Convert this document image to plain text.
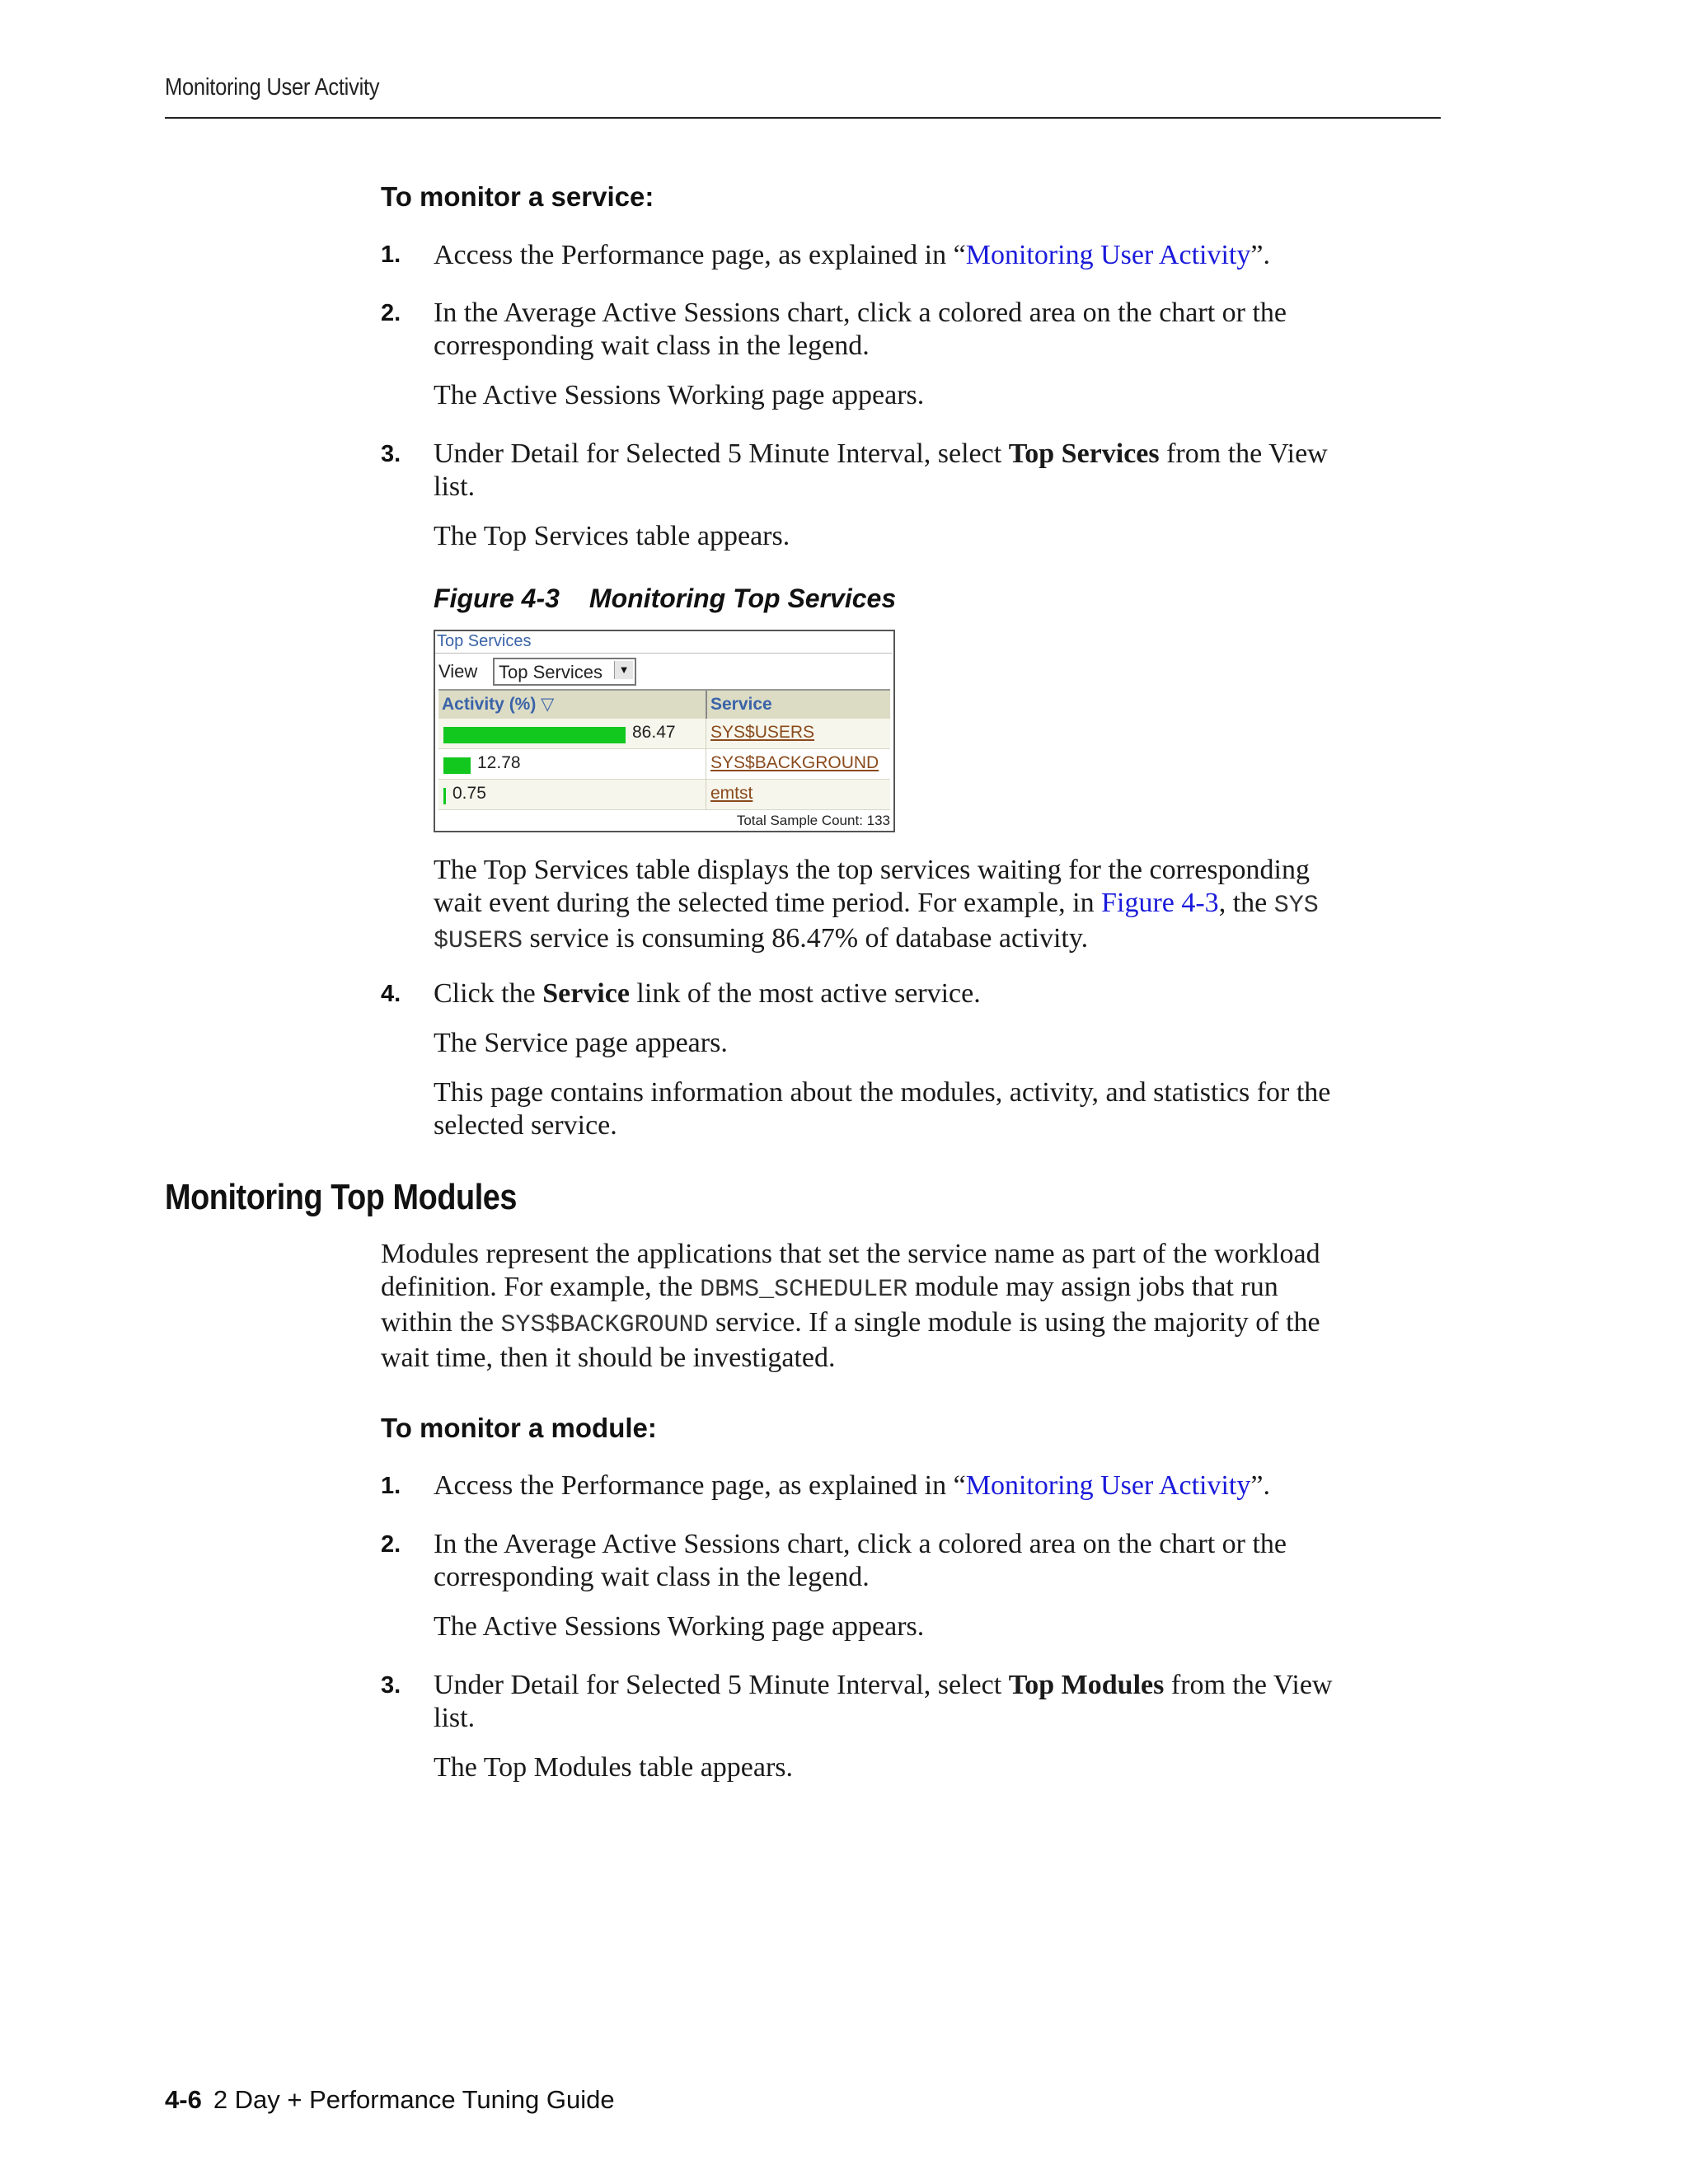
Monitoring User Activity
To monitor a service:
1. Access the Performance page, as explained in “Monitoring User Activity”.
2. In the Average Active Sessions chart, click a colored area on the chart or the
corresponding wait class in the legend.
The Active Sessions Working page appears.
3. Under Detail for Selected 5 Minute Interval, select Top Services from the View
list.
The Top Services table appears.
Figure 4-3 Monitoring Top Services
Top Services
View Top Services	▼
Activity (%) ▽	Service
86.47 SYS$USERS
12.78	SYS$BACKGROUND
0.75	emtst
Total Sample Count: 133
The Top Services table displays the top services waiting for the corresponding
wait event during the selected time period. For example, in Figure 4-3, the SYS
$USERS service is consuming 86.47% of database activity.
4. Click the Service link of the most active service.
The Service page appears.
This page contains information about the modules, activity, and statistics for the
selected service.
Monitoring Top Modules
Modules represent the applications that set the service name as part of the workload
definition. For example, the DBMS_SCHEDULER module may assign jobs that run
within the SYS$BACKGROUND service. If a single module is using the majority of the
wait time, then it should be investigated.
To monitor a module:
1. Access the Performance page, as explained in “Monitoring User Activity”.
2. In the Average Active Sessions chart, click a colored area on the chart or the
corresponding wait class in the legend.
The Active Sessions Working page appears.
3. Under Detail for Selected 5 Minute Interval, select Top Modules from the View
list.
The Top Modules table appears.
4-6 2 Day + Performance Tuning Guide
